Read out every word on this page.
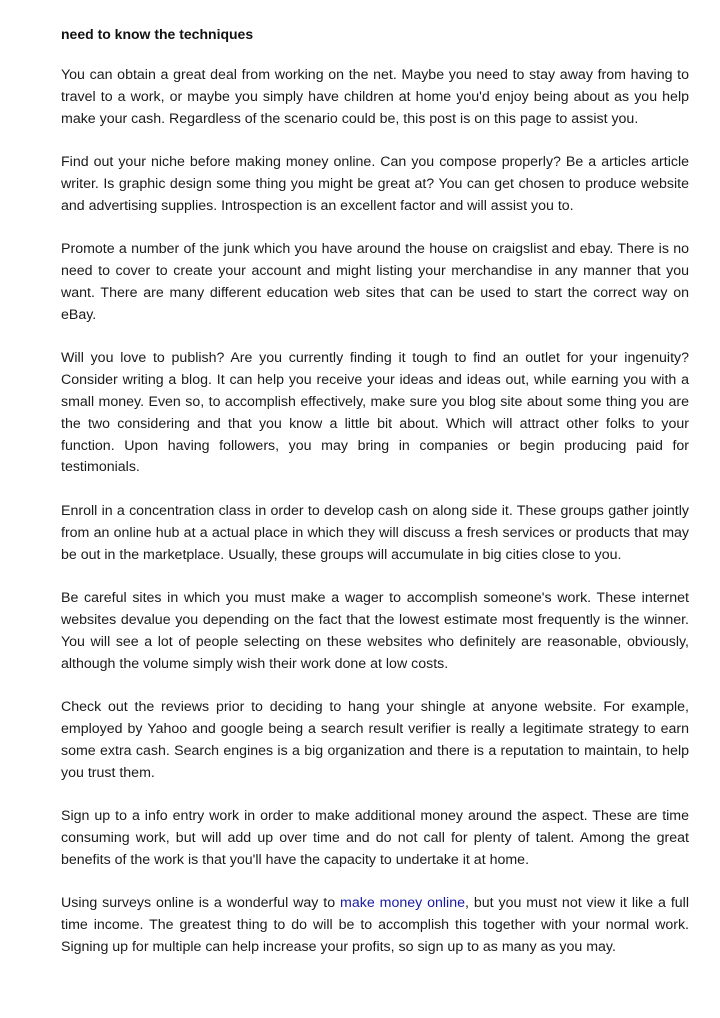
need to know the techniques

You can obtain a great deal from working on the net. Maybe you need to stay away from having to travel to a work, or maybe you simply have children at home you'd enjoy being about as you help make your cash. Regardless of the scenario could be, this post is on this page to assist you.

Find out your niche before making money online. Can you compose properly? Be a articles article writer. Is graphic design some thing you might be great at? You can get chosen to produce website and advertising supplies. Introspection is an excellent factor and will assist you to.

Promote a number of the junk which you have around the house on craigslist and ebay. There is no need to cover to create your account and might listing your merchandise in any manner that you want. There are many different education web sites that can be used to start the correct way on eBay.

Will you love to publish? Are you currently finding it tough to find an outlet for your ingenuity? Consider writing a blog. It can help you receive your ideas and ideas out, while earning you with a small money. Even so, to accomplish effectively, make sure you blog site about some thing you are the two considering and that you know a little bit about. Which will attract other folks to your function. Upon having followers, you may bring in companies or begin producing paid for testimonials.

Enroll in a concentration class in order to develop cash on along side it. These groups gather jointly from an online hub at a actual place in which they will discuss a fresh services or products that may be out in the marketplace. Usually, these groups will accumulate in big cities close to you.

Be careful sites in which you must make a wager to accomplish someone's work. These internet websites devalue you depending on the fact that the lowest estimate most frequently is the winner. You will see a lot of people selecting on these websites who definitely are reasonable, obviously, although the volume simply wish their work done at low costs.

Check out the reviews prior to deciding to hang your shingle at anyone website. For example, employed by Yahoo and google being a search result verifier is really a legitimate strategy to earn some extra cash. Search engines is a big organization and there is a reputation to maintain, to help you trust them.

Sign up to a info entry work in order to make additional money around the aspect. These are time consuming work, but will add up over time and do not call for plenty of talent. Among the great benefits of the work is that you'll have the capacity to undertake it at home.

Using surveys online is a wonderful way to make money online, but you must not view it like a full time income. The greatest thing to do will be to accomplish this together with your normal work. Signing up for multiple can help increase your profits, so sign up to as many as you may.
